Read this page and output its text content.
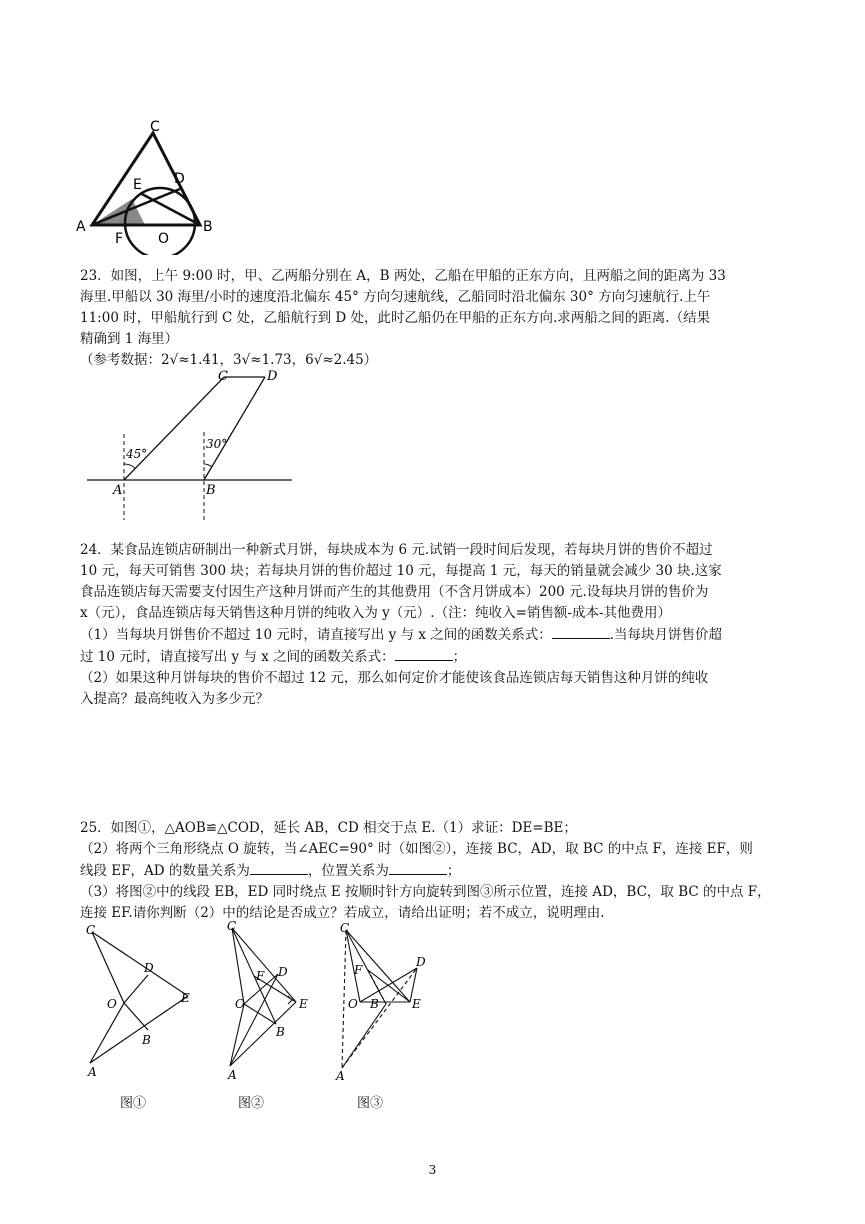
C
D
E
A
F O
B

23．如图，上午 9:00 时，甲、乙两船分别在 A，B 两处，乙船在甲船的正东方向，且两船之间的距离为 33

海里.甲船以 30 海里/小时的速度沿北偏东 45° 方向匀速航线，乙船同时沿北偏东 30° 方向匀速航行.上午

11:00 时，甲船航行到 C 处，乙船航行到 D 处，此时乙船仍在甲船的正东方向.求两船之间的距离.（结果

精确到 1 海里）

（参考数据：2√≈1.41，3√≈1.73，6√≈2.45）

45°
30°
C	D
A	B

24．某食品连锁店研制出一种新式月饼，每块成本为 6 元.试销一段时间后发现，若每块月饼的售价不超过

10 元，每天可销售 300 块；若每块月饼的售价超过 10 元，每提高 1 元，每天的销量就会减少 30 块.这家

食品连锁店每天需要支付因生产这种月饼而产生的其他费用（不含月饼成本）200 元.设每块月饼的售价为

x（元），食品连锁店每天销售这种月饼的纯收入为 y（元）.（注：纯收入=销售额-成本-其他费用）

（1）当每块月饼售价不超过 10 元时，请直接写出 y 与 x 之间的函数关系式：	.当每块月饼售价超

过 10 元时，请直接写出 y 与 x 之间的函数关系式：	；

（2）如果这种月饼每块的售价不超过 12 元，那么如何定价才能使该食品连锁店每天销售这种月饼的纯收

入提高？最高纯收入为多少元？

25．如图①，△AOB≌△COD，延长 AB，CD 相交于点 E.（1）求证：DE=BE；

（2）将两个三角形绕点 O 旋转，当∠AEC=90° 时（如图②），连接 BC，AD，取 BC 的中点 F，连接 EF，则

线段 EF，AD 的数量关系为	，位置关系为	；

（3）将图②中的线段 EB，ED 同时绕点 E 按顺时针方向旋转到图③所示位置，连接 AD，BC，取 BC 的中点 F，

连接 EF.请你判断（2）中的结论是否成立？若成立，请给出证明；若不成立，说明理由.

C
D
O	E
B
A
图①
C
F D
O	E
B
A
图②
C
F
D
O B	E
A
图③
3
